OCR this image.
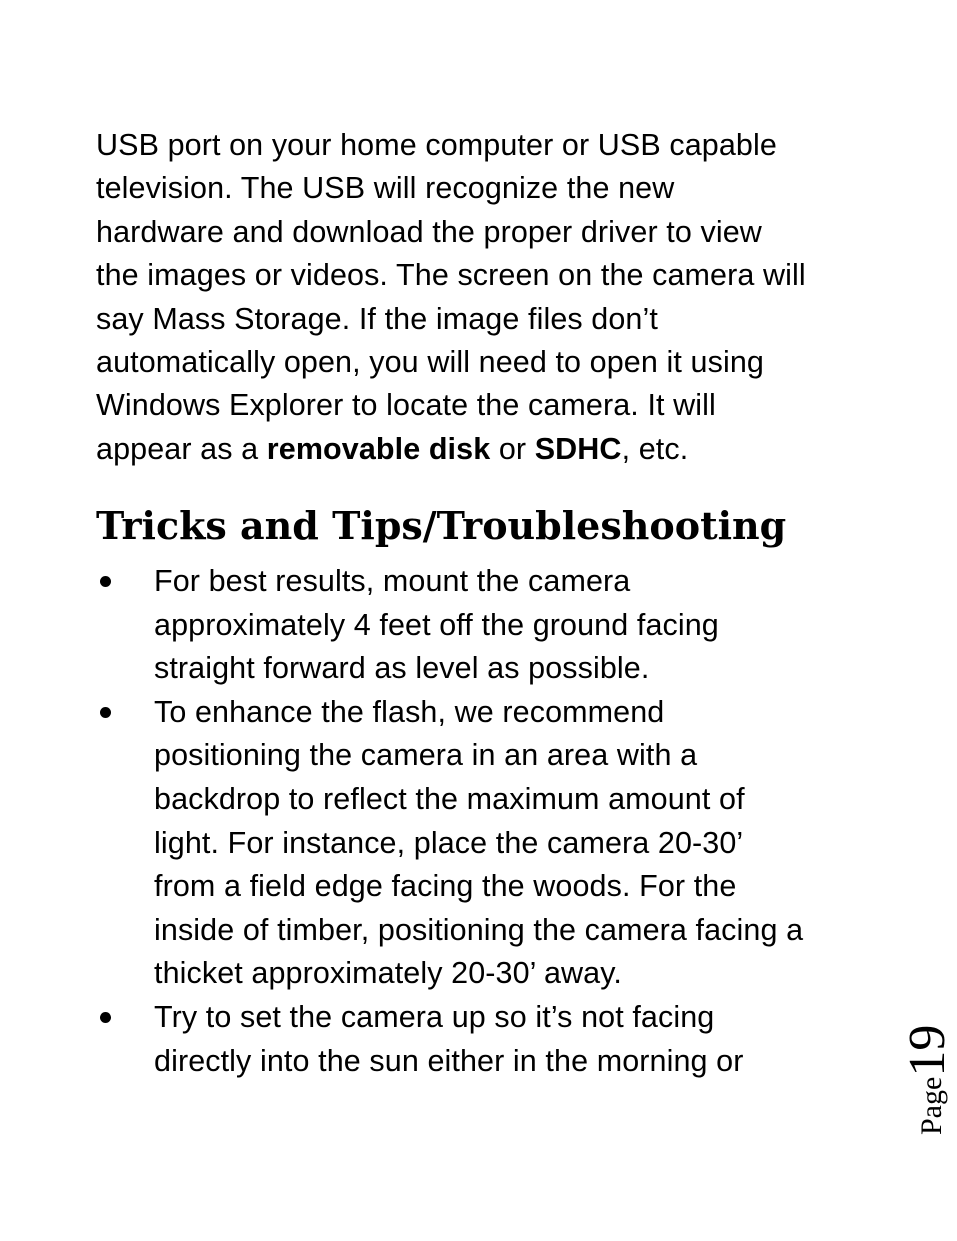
USB port on your home computer or USB capable
television. The USB will recognize the new
hardware and download the proper driver to view
the images or videos. The screen on the camera will
say Mass Storage. If the image files don’t
automatically open, you will need to open it using
Windows Explorer to locate the camera. It will
appear as a removable disk or SDHC, etc.

Tricks and Tips/Troubleshooting
For best results, mount the camera
approximately 4 feet off the ground facing
straight forward as level as possible.
To enhance the flash, we recommend
positioning the camera in an area with a
backdrop to reflect the maximum amount of
light. For instance, place the camera 20-30’
from a field edge facing the woods. For the
inside of timber, positioning the camera facing a
thicket approximately 20-30’ away.
Try to set the camera up so it’s not facing
directly into the sun either in the morning or
Page19
